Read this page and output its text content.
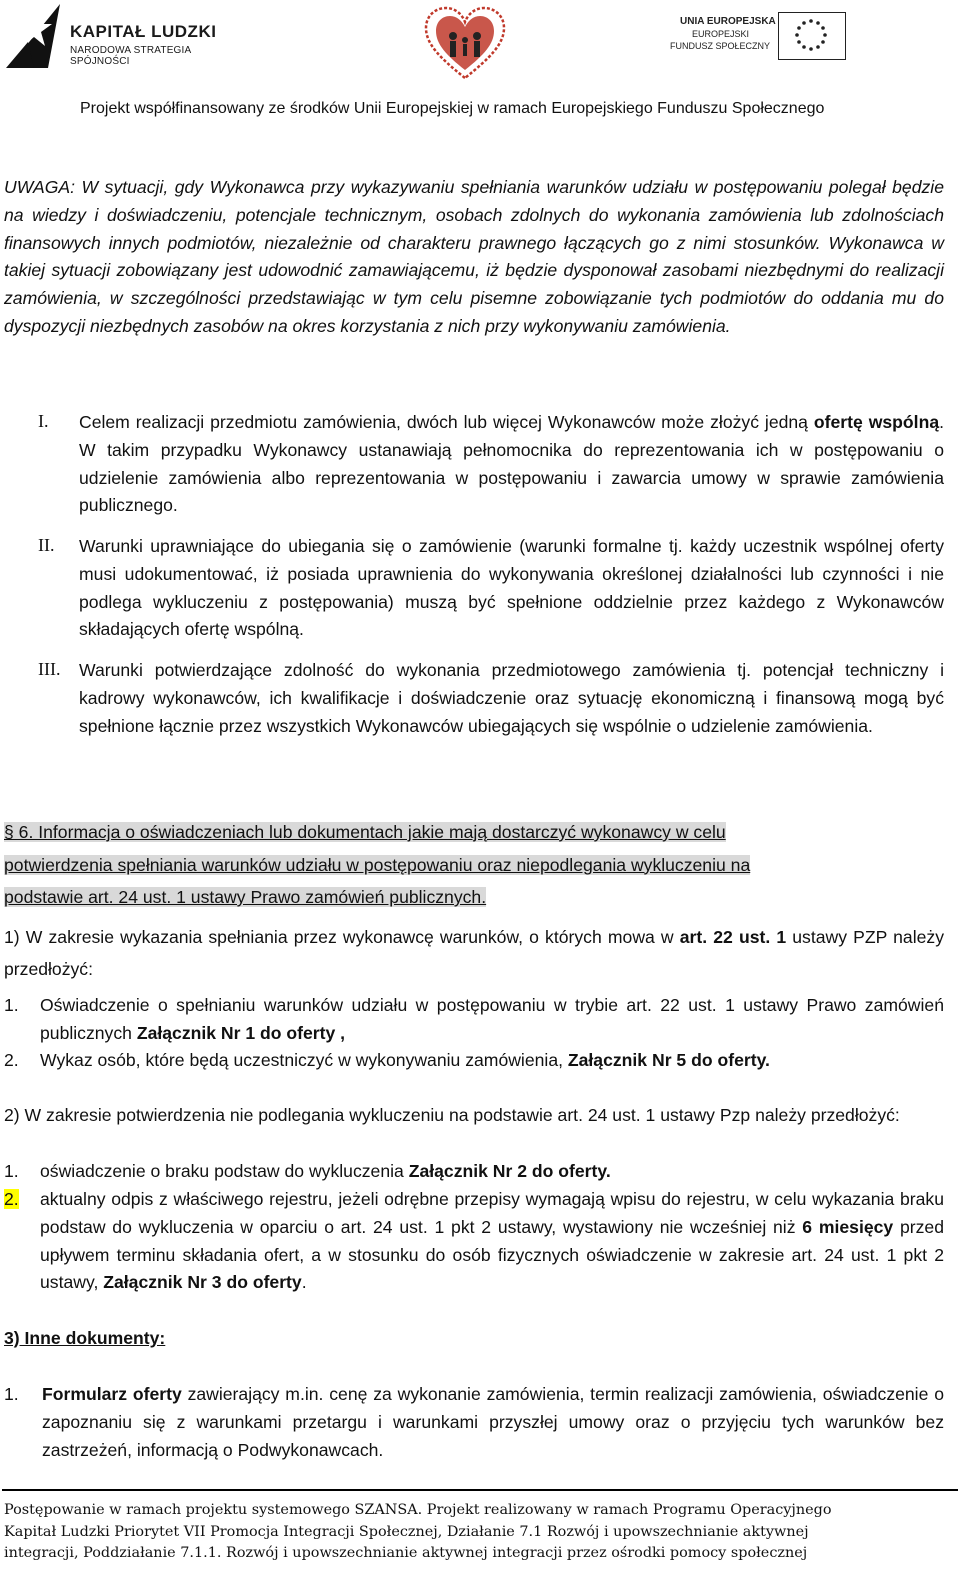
KAPITAŁ LUDZKI
NARODOWA STRATEGIA SPÓJNOŚCI
UNIA EUROPEJSKA
EUROPEJSKI
FUNDUSZ SPOŁECZNY
Projekt współfinansowany ze środków Unii Europejskiej w ramach Europejskiego Funduszu Społecznego
UWAGA: W sytuacji, gdy Wykonawca przy wykazywaniu spełniania warunków udziału w postępowaniu polegał będzie na wiedzy i doświadczeniu, potencjale technicznym, osobach zdolnych do wykonania zamówienia lub zdolnościach finansowych innych podmiotów, niezależnie od charakteru prawnego łączących go z nimi stosunków. Wykonawca w takiej sytuacji zobowiązany jest udowodnić zamawiającemu, iż będzie dysponował zasobami niezbędnymi do realizacji zamówienia, w szczególności przedstawiając w tym celu pisemne zobowiązanie tych podmiotów do oddania mu do dyspozycji niezbędnych zasobów na okres korzystania z nich przy wykonywaniu zamówienia.
I. Celem realizacji przedmiotu zamówienia, dwóch lub więcej Wykonawców może złożyć jedną ofertę wspólną. W takim przypadku Wykonawcy ustanawiają pełnomocnika do reprezentowania ich w postępowaniu o udzielenie zamówienia albo reprezentowania w postępowaniu i zawarcia umowy w sprawie zamówienia publicznego.
II. Warunki uprawniające do ubiegania się o zamówienie (warunki formalne tj. każdy uczestnik wspólnej oferty musi udokumentować, iż posiada uprawnienia do wykonywania określonej działalności lub czynności i nie podlega wykluczeniu z postępowania) muszą być spełnione oddzielnie przez każdego z Wykonawców składających ofertę wspólną.
III. Warunki potwierdzające zdolność do wykonania przedmiotowego zamówienia tj. potencjał techniczny i kadrowy wykonawców, ich kwalifikacje i doświadczenie oraz sytuację ekonomiczną i finansową mogą być spełnione łącznie przez wszystkich Wykonawców ubiegających się wspólnie o udzielenie zamówienia.
§ 6. Informacja o oświadczeniach lub dokumentach jakie mają dostarczyć wykonawcy w celu
potwierdzenia spełniania warunków udziału w postępowaniu oraz niepodlegania wykluczeniu na
podstawie art. 24 ust. 1 ustawy Prawo zamówień publicznych.
1) W zakresie wykazania spełniania przez wykonawcę warunków, o których mowa w art. 22 ust. 1 ustawy PZP należy przedłożyć:
1.	Oświadczenie o spełnianiu warunków udziału w postępowaniu w trybie art. 22 ust. 1 ustawy Prawo zamówień publicznych Załącznik Nr 1 do oferty ,
2.	Wykaz osób, które będą uczestniczyć w wykonywaniu zamówienia, Załącznik Nr 5 do oferty.
2) W zakresie potwierdzenia nie podlegania wykluczeniu na podstawie art. 24 ust. 1 ustawy Pzp należy przedłożyć:
1.	oświadczenie o braku podstaw do wykluczenia Załącznik Nr 2 do oferty.
2.	aktualny odpis z właściwego rejestru, jeżeli odrębne przepisy wymagają wpisu do rejestru, w celu wykazania braku podstaw do wykluczenia w oparciu o art. 24 ust. 1 pkt 2 ustawy, wystawiony nie wcześniej niż 6 miesięcy przed upływem terminu składania ofert, a w stosunku do osób fizycznych oświadczenie w zakresie art. 24 ust. 1 pkt 2 ustawy, Załącznik Nr 3 do oferty.
3) Inne dokumenty:
1.	Formularz oferty zawierający m.in. cenę za wykonanie zamówienia, termin realizacji zamówienia, oświadczenie o zapoznaniu się z warunkami przetargu i warunkami przyszłej umowy oraz o przyjęciu tych warunków bez zastrzeżeń, informacją o Podwykonawcach.
Postępowanie w ramach projektu systemowego SZANSA. Projekt realizowany w ramach Programu Operacyjnego
Kapitał Ludzki Priorytet VII Promocja Integracji Społecznej, Działanie 7.1 Rozwój i upowszechnianie aktywnej
integracji, Poddziałanie 7.1.1. Rozwój i upowszechnianie aktywnej integracji przez ośrodki pomocy społecznej
